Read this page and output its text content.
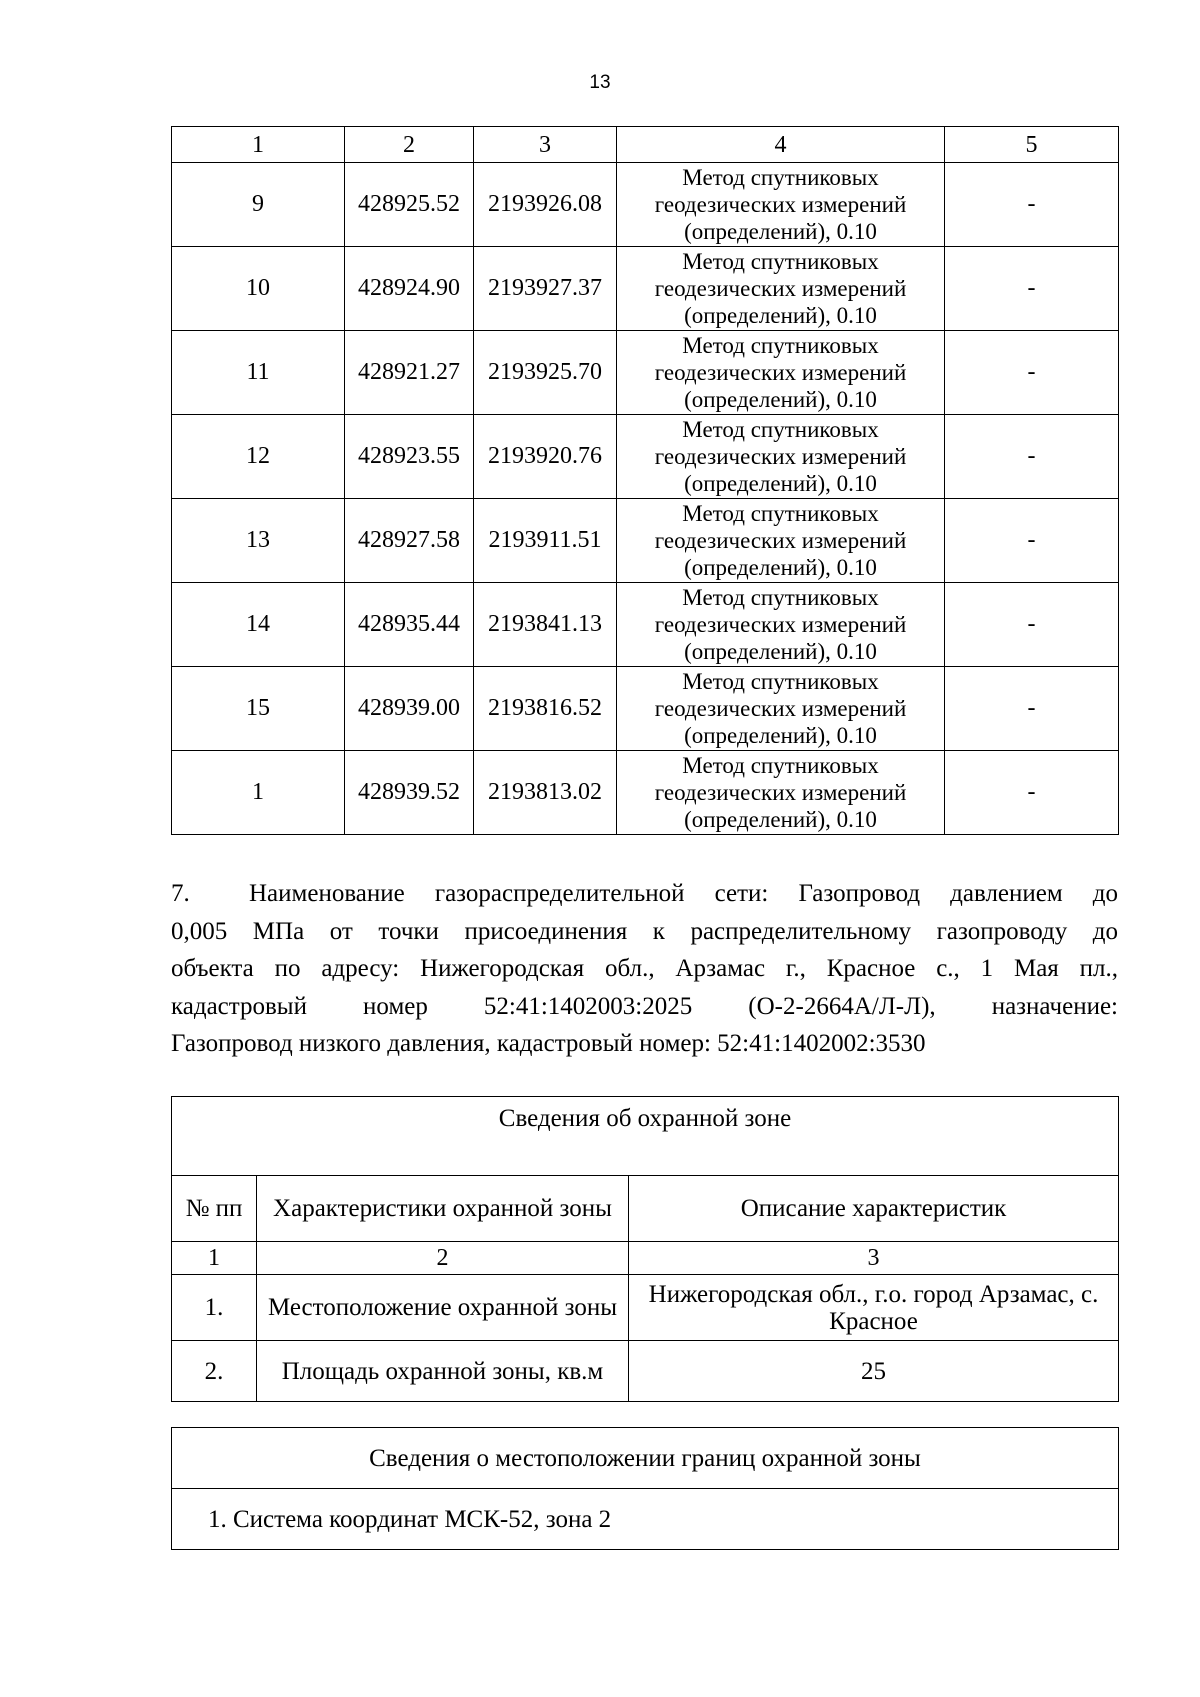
13
1	2	3	4	5
9	428925.52	2193926.08	Метод спутниковых
геодезических измерений
(определений), 0.10	-
10	428924.90	2193927.37	Метод спутниковых
геодезических измерений
(определений), 0.10	-
11	428921.27	2193925.70	Метод спутниковых
геодезических измерений
(определений), 0.10	-
12	428923.55	2193920.76	Метод спутниковых
геодезических измерений
(определений), 0.10	-
13	428927.58	2193911.51	Метод спутниковых
геодезических измерений
(определений), 0.10	-
14	428935.44	2193841.13	Метод спутниковых
геодезических измерений
(определений), 0.10	-
15	428939.00	2193816.52	Метод спутниковых
геодезических измерений
(определений), 0.10	-
1	428939.52	2193813.02	Метод спутниковых
геодезических измерений
(определений), 0.10	-
7. Наименование газораспределительной сети: Газопровод давлением до
0,005 МПа от точки присоединения к распределительному газопроводу до
объекта по адресу: Нижегородская обл., Арзамас г., Красное с., 1 Мая пл.,
кадастровый номер 52:41:1402003:2025 (О-2-2664А/Л-Л), назначение:
Газопровод низкого давления, кадастровый номер: 52:41:1402002:3530
Сведения об охранной зоне		
№ пп	Характеристики охранной зоны	Описание характеристик
1	2	3
1.	Местоположение охранной зоны	Нижегородская обл., г.о. город Арзамас, с. Красное
2.	Площадь охранной зоны, кв.м	25
Сведения о местоположении границ охранной зоны
1. Система координат МСК-52, зона 2
